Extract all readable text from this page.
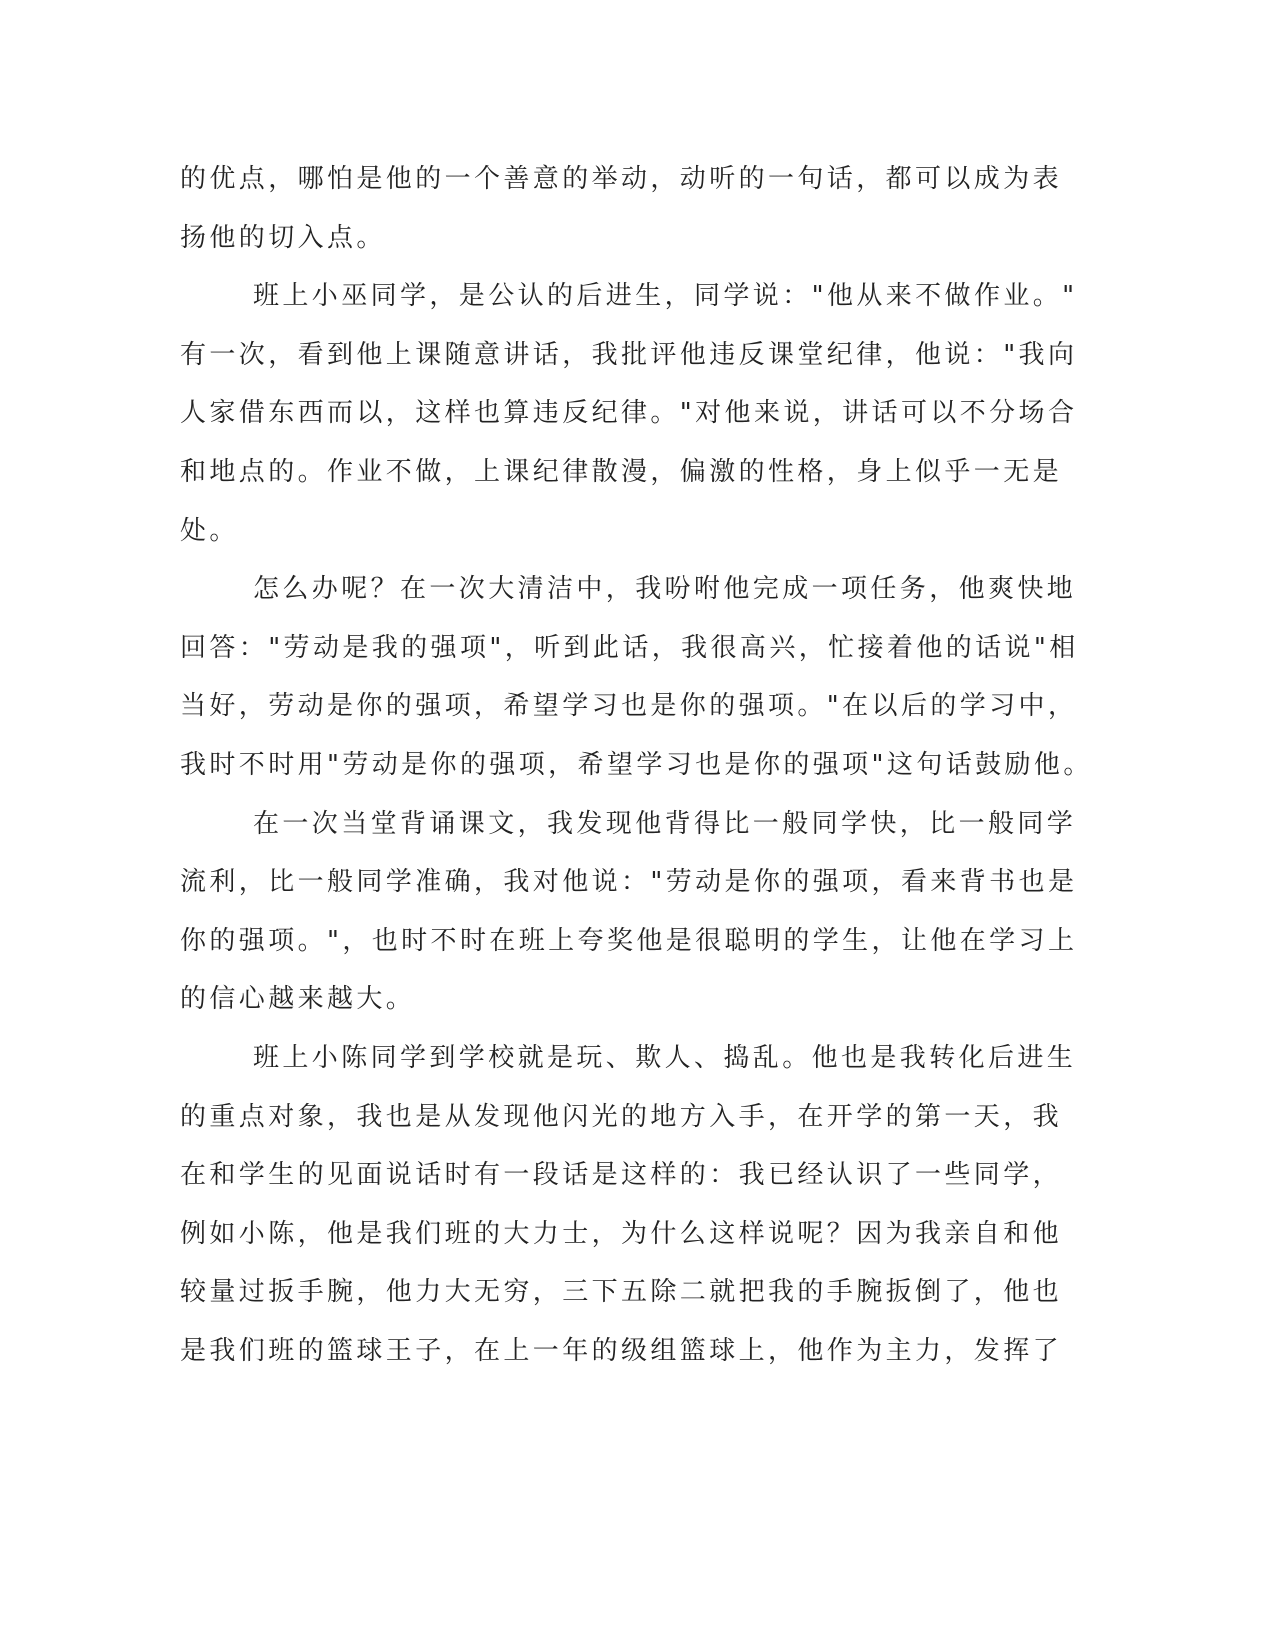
的优点，哪怕是他的一个善意的举动，动听的一句话，都可以成为表
扬他的切入点。
班上小巫同学，是公认的后进生，同学说："他从来不做作业。"
有一次，看到他上课随意讲话，我批评他违反课堂纪律，他说："我向
人家借东西而以，这样也算违反纪律。"对他来说，讲话可以不分场合
和地点的。作业不做，上课纪律散漫，偏激的性格，身上似乎一无是
处。
怎么办呢？在一次大清洁中，我吩咐他完成一项任务，他爽快地
回答："劳动是我的强项"，听到此话，我很高兴，忙接着他的话说"相
当好，劳动是你的强项，希望学习也是你的强项。"在以后的学习中，
我时不时用"劳动是你的强项，希望学习也是你的强项"这句话鼓励他。
在一次当堂背诵课文，我发现他背得比一般同学快，比一般同学
流利，比一般同学准确，我对他说："劳动是你的强项，看来背书也是
你的强项。"，也时不时在班上夸奖他是很聪明的学生，让他在学习上
的信心越来越大。
班上小陈同学到学校就是玩、欺人、捣乱。他也是我转化后进生
的重点对象，我也是从发现他闪光的地方入手，在开学的第一天，我
在和学生的见面说话时有一段话是这样的：我已经认识了一些同学，
例如小陈，他是我们班的大力士，为什么这样说呢？因为我亲自和他
较量过扳手腕，他力大无穷，三下五除二就把我的手腕扳倒了，他也
是我们班的篮球王子，在上一年的级组篮球上，他作为主力，发挥了
